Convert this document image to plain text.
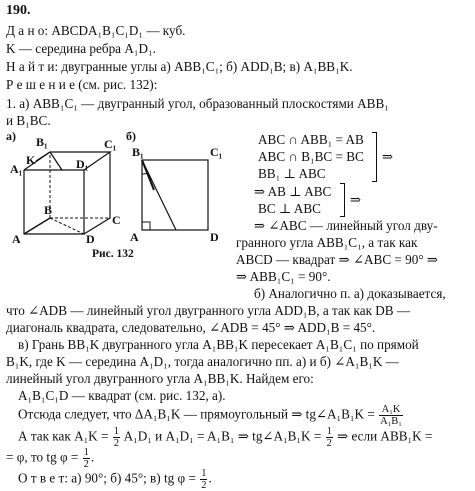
190.
Д а н о: ABCDA₁B₁C₁D₁ — куб.
K — середина ребра A₁D₁.
Н а й т и: двугранные углы а) ABB₁C₁; б) ADD₁B; в) A₁BB₁K.
Р е ш е н и е (см. рис. 132):
1. а) ABB₁C₁ — двугранный угол, образованный плоскостями ABB₁
и B₁BC.
а) B₁	C₁
A₁
K	D₁
B
C
A	D
б)
B₁	C₁
A	D
Рис. 132
ABC ∩ ABB₁ = AB
ABC ∩ B₁BC = BC
BB₁ ⊥ ABC
⇒
⇒ AB ⊥ ABC
BC ⊥ ABC
⇒
⇒ ∠ABC — линейный угол дву-
гранного угла ABB₁C₁, а так как
ABCD — квадрат ⇒ ∠ABC = 90° ⇒
⇒ ABB₁C₁ = 90°.
б) Аналогично п. а) доказывается,
что ∠ADB — линейный угол двугранного угла ADD₁B, а так как DB —
диагональ квадрата, следовательно, ∠ADB = 45° ⇒ ADD₁B = 45°.
в) Грань BB₁K двугранного угла A₁BB₁K пересекает A₁B₁C₁ по прямой
B₁K, где K — середина A₁D₁, тогда аналогично пп. а) и б) ∠A₁B₁K —
линейный угол двугранного угла A₁BB₁K. Найдем его:
A₁B₁C₁D — квадрат (см. рис. 132, а).
Отсюда следует, что ΔA₁B₁K — прямоугольный ⇒ tg∠A₁B₁K = $\frac{\text{A₁K}}{\text{A₁B₁}}$
А так как $A_1K = \frac{1}{2} A_1D_1$ и A₁D₁ = A₁B₁ ⇒ tg∠A₁B₁K = $\frac{1}{2}$ ⇒ если ABB₁K =
= φ, то tg $\varphi = \frac{1}{2}$ .
О т в е т: а) 90°; б) 45°; в) tg $\varphi = \frac{1}{2}$ .
